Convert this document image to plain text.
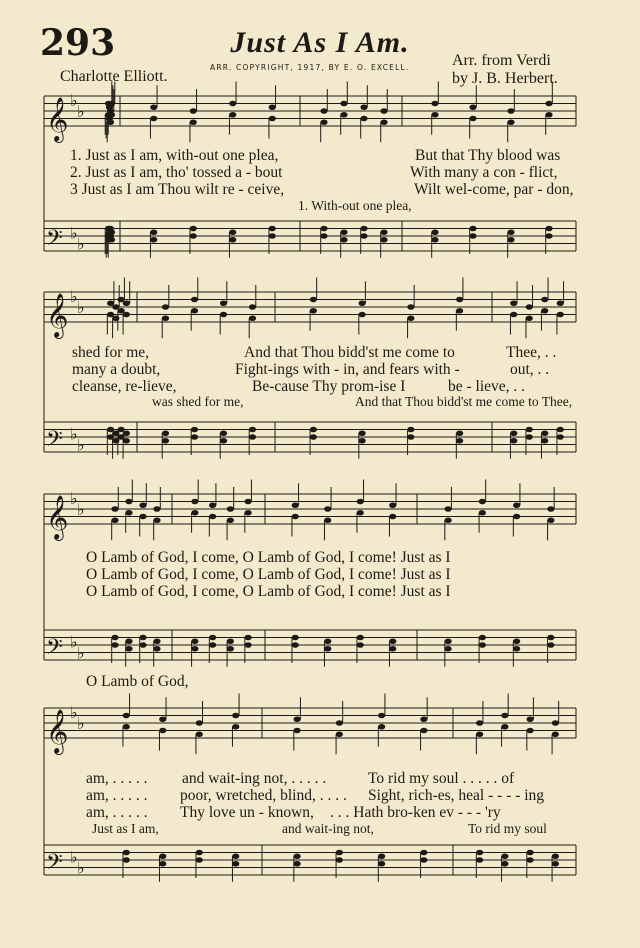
293	Just As I Am.
ARR. COPYRIGHT, 1917, BY E. O. EXCELL.
Charlotte Elliott.
Arr. from Verdi
by J. B. Herbert.
𝄞 ♭
♭
𝄢 ♭
♭
𝄞 ♭
♭
𝄢 ♭
♭
𝄞 ♭
♭
𝄢 ♭
♭
𝄞 ♭
♭
𝄢 ♭
♭
1. Just as I am, with-out one plea,	But that Thy blood was
2. Just as I am, tho' tossed a - bout	With many a con - flict,
3 Just as I am Thou wilt re - ceive,	Wilt wel-come, par - don,
1. With-out one plea,
shed for me,	And that Thou bidd'st me come to	Thee, . .
many a doubt,	Fight-ings with - in, and fears with -	out, . .
cleanse, re-lieve,	Be-cause Thy prom-ise I	be - lieve, . .
was shed for me,	And that Thou bidd'st me come to Thee,
O Lamb of God, I come, O Lamb of God, I come! Just as I
O Lamb of God, I come, O Lamb of God, I come! Just as I
O Lamb of God, I come, O Lamb of God, I come! Just as I
O Lamb of God,
am, . . . . . and wait-ing not, . . . . .	To rid my soul . . . . . of
am, . . . . . poor, wretched, blind, . . . . Sight, rich-es, heal - - - - ing
am, . . . . . Thy love un - known, . . . Hath bro-ken ev - - - 'ry
Just as I am,	and wait-ing not,	To rid my soul
